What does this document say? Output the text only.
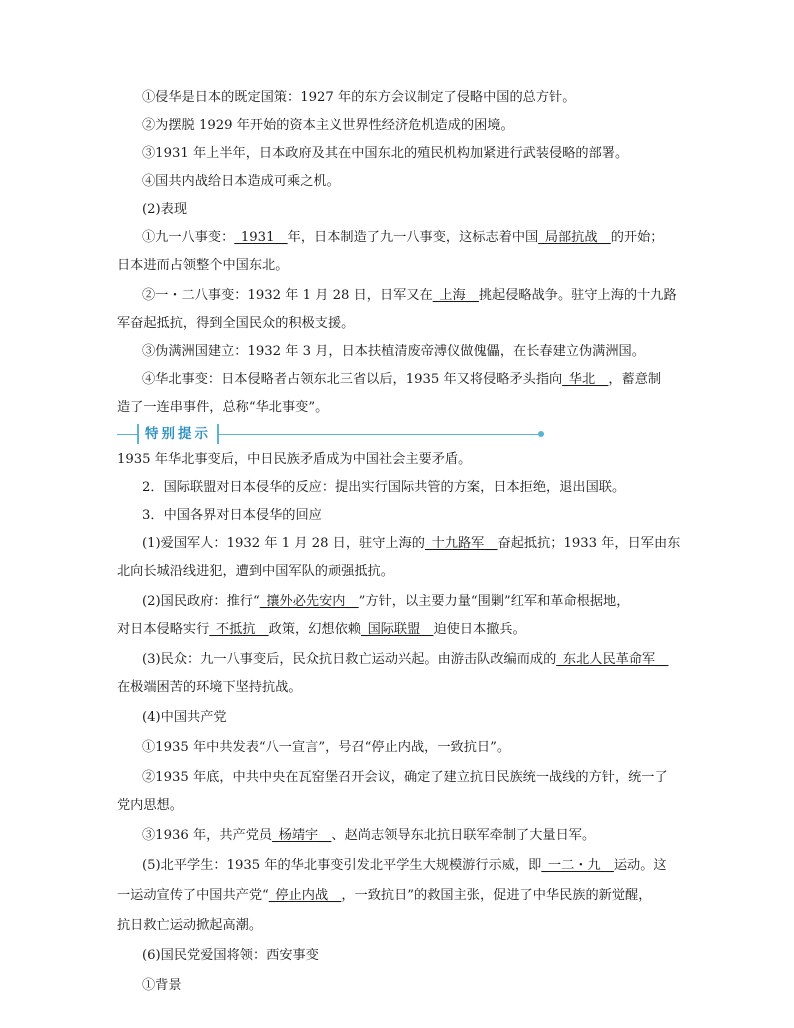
①侵华是日本的既定国策：1927 年的东方会议制定了侵略中国的总方针。

②为摆脱 1929 年开始的资本主义世界性经济危机造成的困境。

③1931 年上半年，日本政府及其在中国东北的殖民机构加紧进行武装侵略的部署。

④国共内战给日本造成可乘之机。

(2)表现

①九一八事变：_1931__年，日本制造了九一八事变，这标志着中国_局部抗战__的开始；

日本进而占领整个中国东北。

②一・二八事变：1932 年 1 月 28 日，日军又在_上海__挑起侵略战争。驻守上海的十九路

军奋起抵抗，得到全国民众的积极支援。

③伪满洲国建立：1932 年 3 月，日本扶植清废帝溥仪做傀儡，在长春建立伪满洲国。

④华北事变：日本侵略者占领东北三省以后，1935 年又将侵略矛头指向_华北__，蓄意制

造了一连串事件，总称“华北事变”。

特别提示

1935 年华北事变后，中日民族矛盾成为中国社会主要矛盾。

2．国际联盟对日本侵华的反应：提出实行国际共管的方案，日本拒绝，退出国联。

3．中国各界对日本侵华的回应

(1)爱国军人：1932 年 1 月 28 日，驻守上海的_十九路军__奋起抵抗；1933 年，日军由东

北向长城沿线进犯，遭到中国军队的顽强抵抗。

(2)国民政府：推行“_攘外必先安内__”方针，以主要力量“围剿”红军和革命根据地，

对日本侵略实行_不抵抗__政策，幻想依赖_国际联盟__迫使日本撤兵。

(3)民众：九一八事变后，民众抗日救亡运动兴起。由游击队改编而成的_东北人民革命军__

在极端困苦的环境下坚持抗战。

(4)中国共产党

①1935 年中共发表“八一宣言”，号召“停止内战，一致抗日”。

②1935 年底，中共中央在瓦窑堡召开会议，确定了建立抗日民族统一战线的方针，统一了

党内思想。

③1936 年，共产党员_杨靖宇__、赵尚志领导东北抗日联军牵制了大量日军。

(5)北平学生：1935 年的华北事变引发北平学生大规模游行示威，即_一二・九__运动。这

一运动宣传了中国共产党“_停止内战__，一致抗日”的救国主张，促进了中华民族的新觉醒，

抗日救亡运动掀起高潮。

(6)国民党爱国将领：西安事变

①背景
